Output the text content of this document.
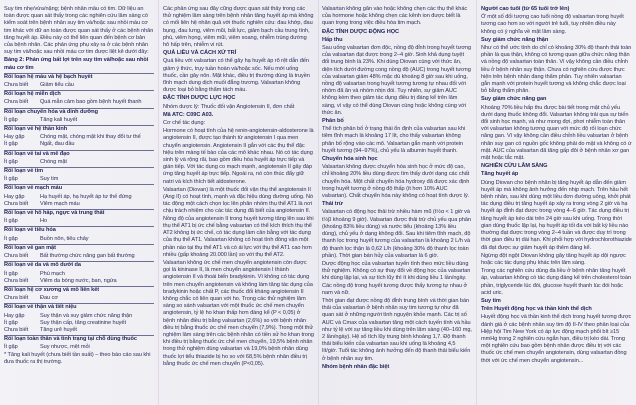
Suy tim nhẹ/vừa/nặng; bệnh nhân mẫu có tim. Dữ liệu an toàn được quan sát thấy trong các nghiên cứu lâm sàng có kiểm soát trên bệnh nhân suy tim và/hoặc sau nhồi máu cơ tim khác với dữ an toàn được quan sát thấy ở các bệnh nhân tăng huyết áp. Điều này có thể liên quan đến bệnh cơ bản của bệnh nhân. Các phản ứng phụ xảy ra ở các bệnh nhân suy tim và/hoặc sau nhồi máu cơ tim được liệt kê dưới đây:

Bảng 2: Phản ứng bất lợi trên suy tim và/hoặc sau nhồi máu cơ tim

Rối loạn hệ máu và hệ bạch huyết
Chưa biết	Giảm tiểu cầu
Rối loạn hệ miễn dịch
Chưa biết	Quá mẫn cảm bao gồm bệnh huyết thanh
Rối loạn chuyển hóa và dinh dưỡng
Ít gặp	Tăng kali huyết
Rối loạn về hệ thần kinh
Hay gặp	Chóng mặt, chóng mặt khi thay đổi tư thế
Ít gặp	Ngất, đau đầu
Rối loạn về tai và mê đạo
Ít gặp	Chóng mặt
Rối loạn về tim
Ít gặp	Suy tim
Rối loạn về mạch máu
Hay gặp	Hạ huyết áp, hạ huyết áp tư thế đứng
Chưa biết	Viêm mạch máu
Rối loạn về hô hấp, ngực và trung thất
Ít gặp	Ho
Rối loạn về tiêu hóa
Ít gặp	Buồn nôn, tiêu chảy
Rối loạn về gan mật
Chưa biết	Bất thường chức năng gan bất thường
Rối loạn về da và mô dưới da
Ít gặp	Phù mạch
Chưa biết	Viêm da bóng nước, ban, ngứa
Rối loạn hệ cơ xương và mô liên kết
Chưa biết	Đau cơ
Rối loạn về thận và tiết niệu
Hay gặp	Suy thận và suy giảm chức năng thận
Ít gặp	Suy thận cấp, tăng creatinine huyết
Chưa biết	Tăng urê huyết
Rối loạn toàn thân và tình trạng tại chỗ dùng thuốc
Ít gặp	Suy nhược, mệt mỏi

* Tăng kali huyết (chưa biết tần suất) – theo báo cáo sau khi đưa thuốc ra thị trường.

Các phản ứng sau đây cũng được quan sát thấy trong các thử nghiệm lâm sàng trên bệnh nhân tăng huyết áp mà không có mối liên hệ nhân quả với thuốc nghiên cứu: đau khớp, đau bụng, đau lưng, viêm mũi, bất lực, giảm bạch cầu trung tính, phù, viêm họng, viêm mũi, viêm xoang, nhiễm trùng đường hô hấp trên, nhiễm vi rút.

QUÁ LIỀU VÀ CÁCH XỬ TRÍ

Quá liều với valsartan có thể gây hạ huyết áp rõ rệt dẫn đến giảm ý thức, trụy tuần hoàn và/hoặc sốc. Nếu mới uống thuốc, cần gây nôn. Mặt khác, điều trị thường dùng là truyền tĩnh mạch dung dịch muối đẳng trương. Valsartan không được loại bỏ bằng thẩm tách máu.

ĐẶC TÍNH DƯỢC LỰC HỌC

Nhóm dược lý: Thuốc đối vận Angiotensin II, đơn chất

Mã ATC: C09C A03.

Cơ chế tác dụng:

Hormone có hoạt tính của hệ renin-angiotensin-aldosterone là angiotensin II, được tạo thành từ angiotensin I qua men chuyển angiotensin. Angiotensin II gắn với các thụ thể đặc hiệu trên màng tế bào của các mô khác nhau. Nó có tác dụng sinh lý và rộng rãi, bao gồm điều hòa huyết áp trực tiếp và gián tiếp. Với tác dụng co mạch mạnh, angiotensin II gây đáp ứng tăng huyết áp trực tiếp. Ngoài ra, nó còn thúc đẩy giữ natri và kích thích tiết aldosterone.

Valsartan (Diovan) là một thuốc đối vận thụ thể angiotensin II (Ang II) có hoạt tính, mạnh và đặc hiệu dùng đường uống. Nó tác động một cách chọn lọc lên phân nhóm thụ thể AT1 là nơi chịu trách nhiệm cho các tác dụng đã biết của angiotensin II. Nồng độ của angiotensin II trong huyết tương tăng lên sau khi thụ thể AT1 bị ức chế bằng valsartan có thể kích thích thụ thể AT2 không bị ức chế, có tác dụng làm cân bằng với tác dụng của thụ thể AT1. Valsartan không có hoạt tính đồng vận một phần nào tại thụ thể AT1 và có ái lực với thụ thể AT1 cao hơn nhiều (gấp khoảng 20.000 lần) so với thụ thể AT2.

Valsartan không ức chế men chuyển angiotensin còn được gọi là kininase II, là men chuyển angiotensin I thành angiotensin II và thoái biến bradykinin. Vì không có tác dụng trên men chuyển angiotensin và không làm tăng tác dụng của bradykinin hoặc chất P, các thuốc đối kháng angiotensin II không chắc có liên quan với ho. Trong các thử nghiệm lâm sàng so sánh valsartan với một thuốc ức chế men chuyển angiotensin, tỷ lệ ho khan thấp hơn đáng kể (P < 0,05) ở bệnh nhân điều trị bằng valsartan (2,6%) so với bệnh nhân điều trị bằng thuốc ức chế men chuyển (7,9%). Trong một thử nghiệm lâm sàng trên các bệnh nhân có tiền sử ho khan trong khi điều trị bằng thuốc ức chế men chuyển, 19,5% bệnh nhân trong thử nghiệm dùng valsartan và 19,0% bệnh nhân dùng thuốc lợi tiểu thiazide bị ho so với 68,5% bệnh nhân điều trị bằng thuốc ức chế men chuyển (P<0,05).

Valsartan không gắn vào hoặc không chẹn các thụ thể khác của hormone hoặc không chẹn các kênh ion được biết là quan trọng trong việc điều hòa tim mạch.

ĐẶC TÍNH DƯỢC ĐỘNG HỌC

Hấp thu

Sau uống valsartan đơn độc, nồng độ đỉnh trong huyết tương của valsartan đạt được trong 2–4 giờ. Sinh khả dụng tuyệt đối trung bình là 23%. Khi dùng Diovan cùng với thức ăn, diện tích dưới đường cong nồng độ (AUC) trong huyết tương của valsartan giảm 48% mặc dù khoảng 8 giờ sau khi uống, nồng độ valsartan trong huyết tương tương tự nhau đối với nhóm đã ăn và nhóm nhịn đói. Tuy nhiên, sự giảm AUC không kèm theo giảm tác dụng điều trị đáng kể trên lâm sàng, vì vậy có thể dùng Diovan cùng hoặc không cùng với thức ăn.

Phân bố

Thể tích phân bố ở trạng thái ổn định của valsartan sau khi tiêm tĩnh mạch là khoảng 17 lít, cho thấy valsartan không phân bố rộng vào các mô. Valsartan gắn mạnh với protein huyết tương (94–97%), chủ yếu là albumin huyết thanh.

Chuyển hóa sinh học

Valsartan không được chuyển hóa sinh học ở mức độ cao, chỉ khoảng 20% liều dùng được tìm thấy dưới dạng các chất chuyển hóa. Một chất chuyển hóa hydroxy đã được xác định trong huyết tương ở nồng độ thấp (ít hơn 10% AUC valsartan). Chất chuyển hóa này không có hoạt tính dược lý.

Thải trừ

Valsartan có động học thải trừ nhiều hàm mũ (t½α < 1 giờ và t½β khoảng 9 giờ). Valsartan được thải trừ chủ yếu qua phân (khoảng 83% liều dùng) và nước tiểu (khoảng 13% liều dùng), chủ yếu ở dạng không đổi. Sau khi tiêm tĩnh mạch, độ thanh lọc trong huyết tương của valsartan là khoảng 2 L/h và độ thanh lọc thận là 0,62 L/h (khoảng 30% độ thanh lọc toàn phần). Thời gian bán hủy của valsartan là 6 giờ.

Dược động học của valsartan tuyến tính theo mức liều dùng thử nghiệm. Không có sự thay đổi về động học của valsartan khi dùng lặp lại, và sự tích lũy thì ít khi dùng liều 1 lần/ngày. Các nồng độ trong huyết tương được thấy tương tự nhau ở nam và nữ.

Thời gian đạt được nồng độ đỉnh trung bình và thời gian bán thải của valsartan ở bệnh nhân suy tim tương tự như đã quan sát ở những người tình nguyện khỏe mạnh. Các trị số AUC và Cmax của valsartan tăng một cách tuyến tính và hầu như tỷ lệ với sự tăng liều khi dùng trên lâm sàng (40–160 mg, 2 lần/ngày). Hệ số tích lũy trung bình khoảng 1,7. Độ thanh thải biểu kiến của valsartan sau khi uống là khoảng 4,5 lít/giờ. Tuổi tác không ảnh hưởng đến độ thanh thải biểu kiến ở bệnh nhân suy tim.

Nhóm bệnh nhân đặc biệt

Người cao tuổi (từ 65 tuổi trở lên)

Ở một số đối tượng cao tuổi nồng độ valsartan trong huyết tương cao hơn so với người trẻ tuổi, tuy nhiên điều này không có ý nghĩa về mặt lâm sàng.

Suy giảm chức năng thận

Như có thể ước tính do chỉ có khoảng 30% độ thanh thải toàn phần là qua thận, không có tương quan giữa chức năng thận và nồng độ valsartan toàn thân. Vì vậy không cần điều chỉnh liều ở bệnh nhân suy thận. Chưa có nghiên cứu được thực hiện trên bệnh nhân đang thẩm phân. Tuy nhiên valsartan gắn mạnh với protein huyết tương và không chắc được loại bỏ bằng thẩm phân.

Suy giảm chức năng gan

Khoảng 70% liều hấp thu được bài tiết trong mật chủ yếu dưới dạng thuốc không đổi. Valsartan không trải qua sự biến đổi sinh học mạnh, và như mong đợi, phơi nhiễm toàn thân với valsartan không tương quan với mức độ rối loạn chức năng gan. Vì vậy không cần điều chỉnh liều valsartan ở bệnh nhân suy gan có nguồn gốc không phải do mật và không có ứ mật. AUC của valsartan đã tăng gấp đôi ở bệnh nhân xơ gan mật hoặc tắc mật.

NGHIÊN CỨU LÂM SÀNG

Tăng huyết áp

Dùng Diovan cho bệnh nhân bị tăng huyết áp dẫn đến giảm huyết áp mà không ảnh hưởng đến nhịp mạch. Trên hầu hết bệnh nhân, sau khi dùng một liều đơn đường uống, khởi phát tác dụng điều trị tăng huyết áp xảy ra trong vòng 2 giờ và hạ huyết áp đỉnh đạt được trong vòng 4–6 giờ. Tác dụng điều trị tăng huyết áp kéo dài trên 24 giờ sau khi uống. Trong thời gian dùng thuốc lặp lại, hạ huyết áp tối đa với bất kỳ liều nào thường đạt được trong vòng 2–4 tuần và được duy trì trong thời gian điều trị dài hạn. Khi phối hợp với hydrochlorothiazide đã đạt được sự giảm huyết áp thêm đáng kể.

Ngừng đột ngột Diovan không gây tăng huyết áp dội ngược hoặc các tác dụng phụ khác trên lâm sàng.

Trong các nghiên cứu dùng đa liều ở bệnh nhân tăng huyết áp, valsartan không có tác dụng đáng kể trên cholesterol toàn phần, triglyceride lúc đói, glucose huyết thanh lúc đói hoặc acid uric.

Suy tim

Trên Huyết động học và thần kinh thể dịch

Huyết động học và thần kinh thể dịch trong huyết tương được đánh giá ở các bệnh nhân suy tim độ II-IV theo phân loại của Hiệp hội Tim New York có áp lực động mạch phổi bít ≥15 mmHg trong 2 nghiên cứu ngắn hạn, điều trị kéo dài. Trong một nghiên cứu bao gồm bệnh nhân được điều trị với các thuốc ức chế men chuyển angiotensin, dùng valsartan đồng thời với ức chế men chuyển angiotensin...
